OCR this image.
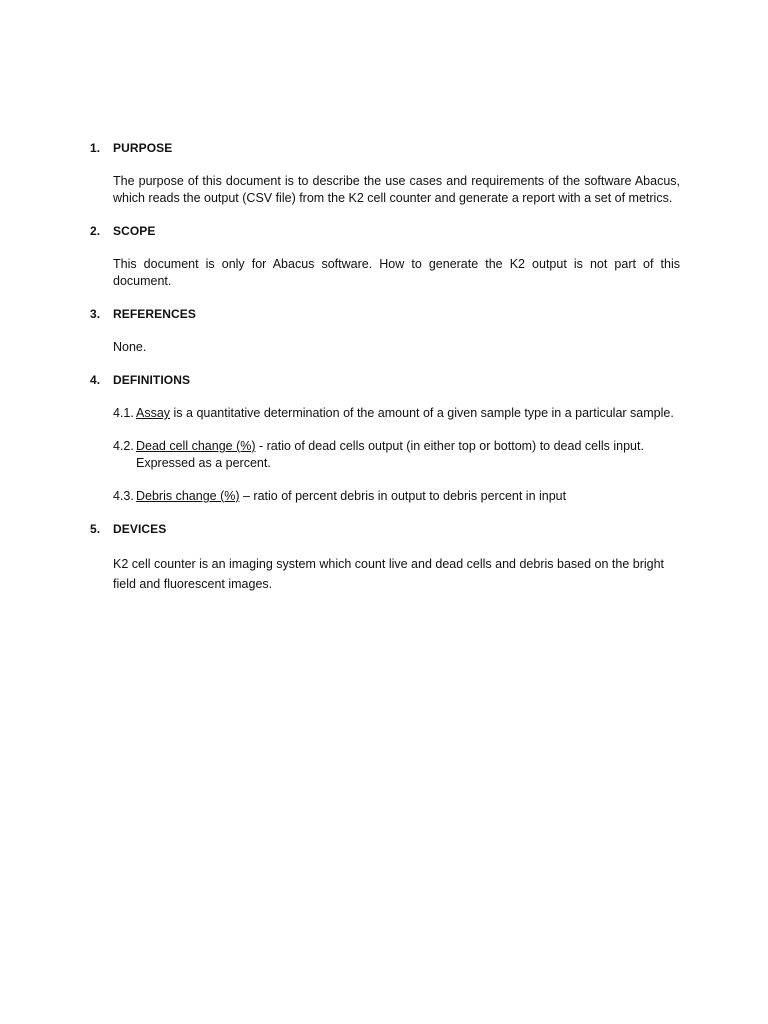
1.	PURPOSE
The purpose of this document is to describe the use cases and requirements of the software Abacus, which reads the output (CSV file) from the K2 cell counter and generate a report with a set of metrics.
2.	SCOPE
This document is only for Abacus software. How to generate the K2 output is not part of this document.
3.	REFERENCES
None.
4.	DEFINITIONS
4.1. Assay is a quantitative determination of the amount of a given sample type in a particular sample.
4.2. Dead cell change (%) - ratio of dead cells output (in either top or bottom) to dead cells input. Expressed as a percent.
4.3. Debris change (%) – ratio of percent debris in output to debris percent in input
5.	DEVICES
K2 cell counter is an imaging system which count live and dead cells and debris based on the bright field and fluorescent images.
